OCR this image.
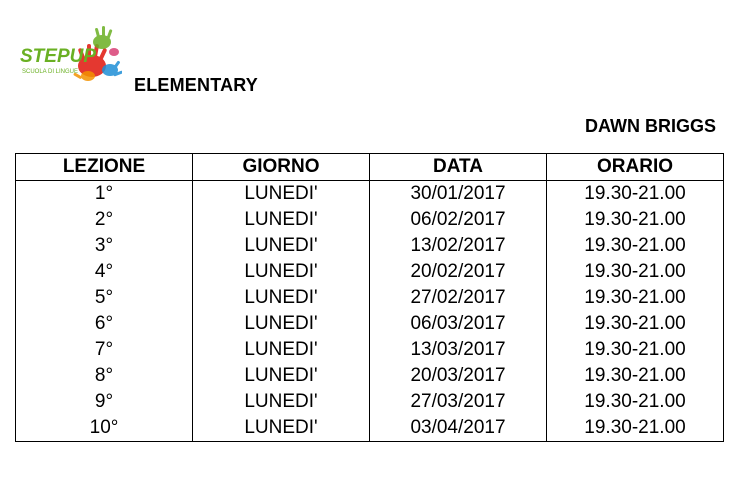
STEPUP
SCUOLA DI LINGUE
ELEMENTARY
DAWN BRIGGS
LEZIONE	GIORNO	DATA	ORARIO
1°	LUNEDI'	30/01/2017	19.30-21.00
2°	LUNEDI'	06/02/2017	19.30-21.00
3°	LUNEDI'	13/02/2017	19.30-21.00
4°	LUNEDI'	20/02/2017	19.30-21.00
5°	LUNEDI'	27/02/2017	19.30-21.00
6°	LUNEDI'	06/03/2017	19.30-21.00
7°	LUNEDI'	13/03/2017	19.30-21.00
8°	LUNEDI'	20/03/2017	19.30-21.00
9°	LUNEDI'	27/03/2017	19.30-21.00
10°	LUNEDI'	03/04/2017	19.30-21.00
